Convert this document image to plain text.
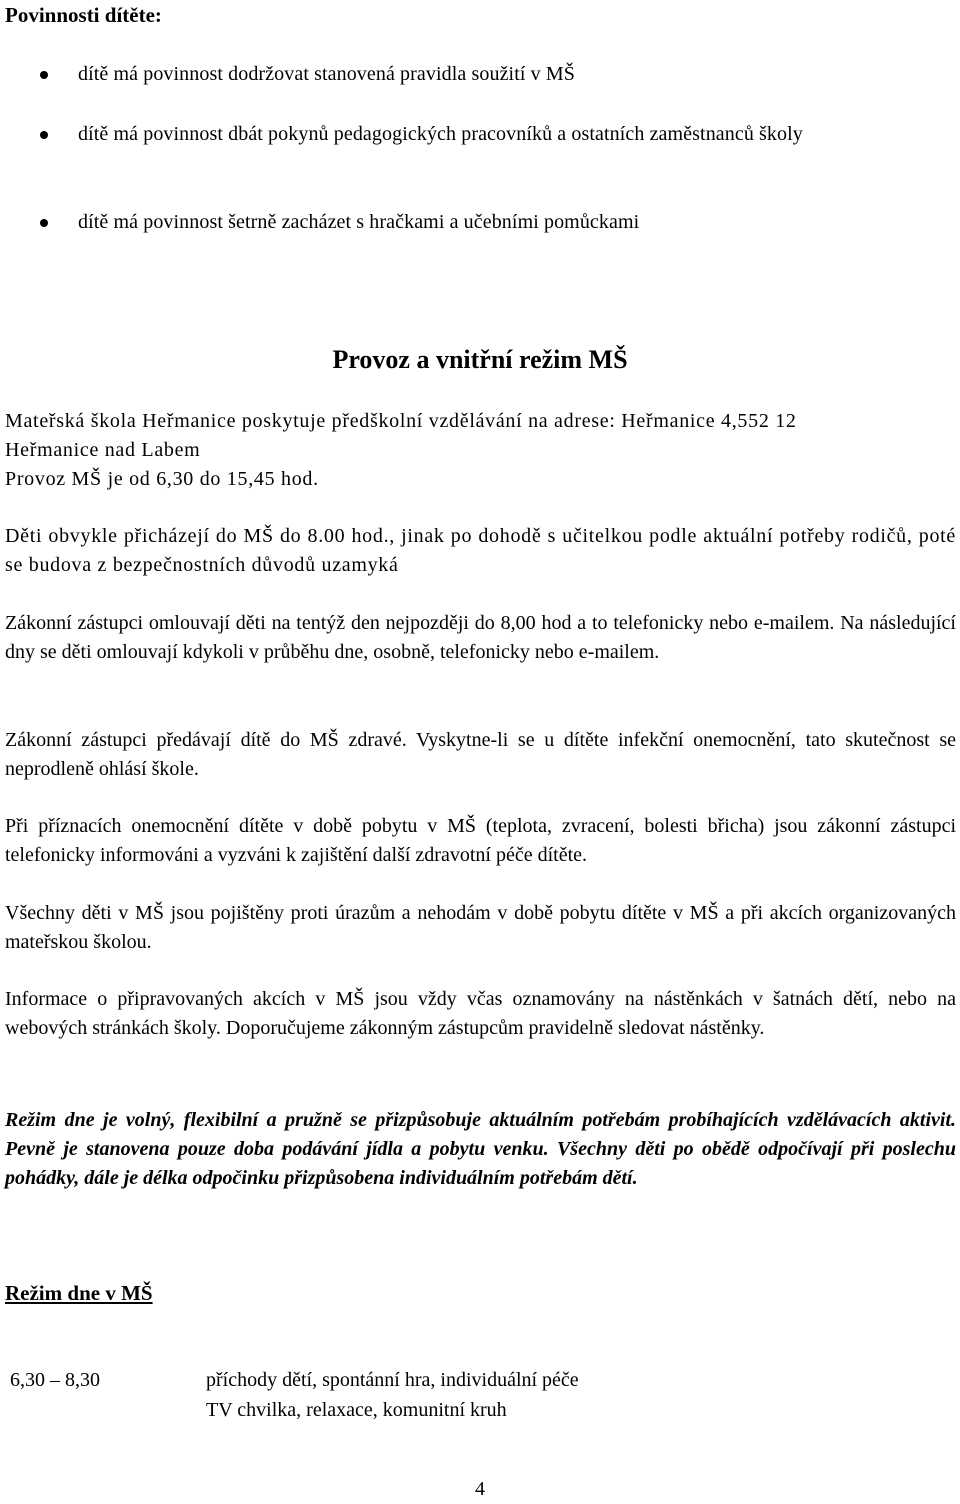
Povinnosti dítěte:
dítě má povinnost dodržovat stanovená pravidla soužití v MŠ
dítě má povinnost dbát pokynů pedagogických pracovníků a ostatních zaměstnanců školy
dítě má povinnost šetrně zacházet s hračkami a učebními pomůckami
Provoz a vnitřní režim MŠ
Mateřská škola Heřmanice poskytuje předškolní vzdělávání na adrese: Heřmanice 4,552 12
Heřmanice nad Labem
Provoz MŠ je od 6,30 do 15,45 hod.
Děti obvykle přicházejí do MŠ do 8.00 hod., jinak po dohodě s učitelkou podle aktuální potřeby rodičů, poté se budova z bezpečnostních důvodů uzamyká
Zákonní zástupci omlouvají děti na tentýž den nejpozději do 8,00 hod a to telefonicky nebo e-mailem. Na následující dny se děti omlouvají kdykoli v průběhu dne, osobně, telefonicky nebo e-mailem.
Zákonní zástupci předávají dítě do MŠ zdravé. Vyskytne-li se u dítěte infekční onemocnění, tato skutečnost se neprodleně ohlásí škole.
Při příznacích onemocnění dítěte v době pobytu v MŠ (teplota, zvracení, bolesti břicha) jsou zákonní zástupci telefonicky informováni a vyzváni k zajištění další zdravotní péče dítěte.
Všechny děti v MŠ jsou pojištěny proti úrazům a nehodám v době pobytu dítěte v MŠ a při akcích organizovaných mateřskou školou.
Informace o připravovaných akcích v MŠ jsou vždy včas oznamovány na nástěnkách v šatnách dětí, nebo na webových stránkách školy. Doporučujeme zákonným zástupcům pravidelně sledovat nástěnky.
Režim dne je volný, flexibilní a pružně se přizpůsobuje aktuálním potřebám probíhajících vzdělávacích aktivit. Pevně je stanovena pouze doba podávání jídla a pobytu venku. Všechny děti po obědě odpočívají při poslechu pohádky, dále je délka odpočinku přizpůsobena individuálním potřebám dětí.
Režim dne v MŠ
6,30 – 8,30	příchody dětí, spontánní hra, individuální péče
TV chvilka, relaxace, komunitní kruh
4
